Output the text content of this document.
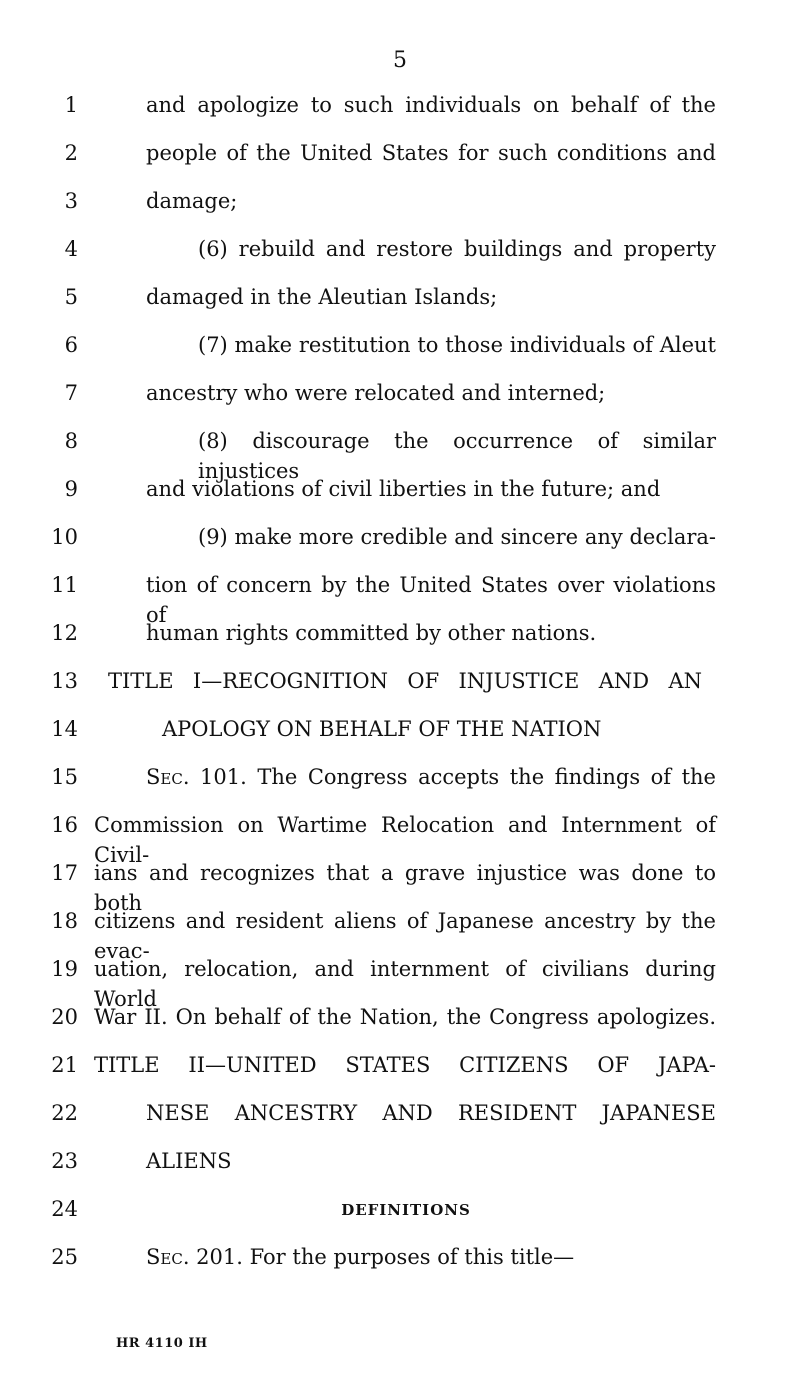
5
1	and apologize to such individuals on behalf of the
2	people of the United States for such conditions and
3	damage;
4	(6) rebuild and restore buildings and property
5	damaged in the Aleutian Islands;
6	(7) make restitution to those individuals of Aleut
7	ancestry who were relocated and interned;
8	(8) discourage the occurrence of similar injustices
9	and violations of civil liberties in the future; and
10	(9) make more credible and sincere any declara-
11	tion of concern by the United States over violations of
12	human rights committed by other nations.
13 TITLE I—RECOGNITION OF INJUSTICE AND AN
14	APOLOGY ON BEHALF OF THE NATION
15	Sec. 101. The Congress accepts the findings of the
16 Commission on Wartime Relocation and Internment of Civil-
17 ians and recognizes that a grave injustice was done to both
18 citizens and resident aliens of Japanese ancestry by the evac-
19 uation, relocation, and internment of civilians during World
20 War II. On behalf of the Nation, the Congress apologizes.
21 TITLE II—UNITED STATES CITIZENS OF JAPA-
22	NESE ANCESTRY AND RESIDENT JAPANESE
23	ALIENS
24	DEFINITIONS
25	Sec. 201. For the purposes of this title—
HR 4110 IH
